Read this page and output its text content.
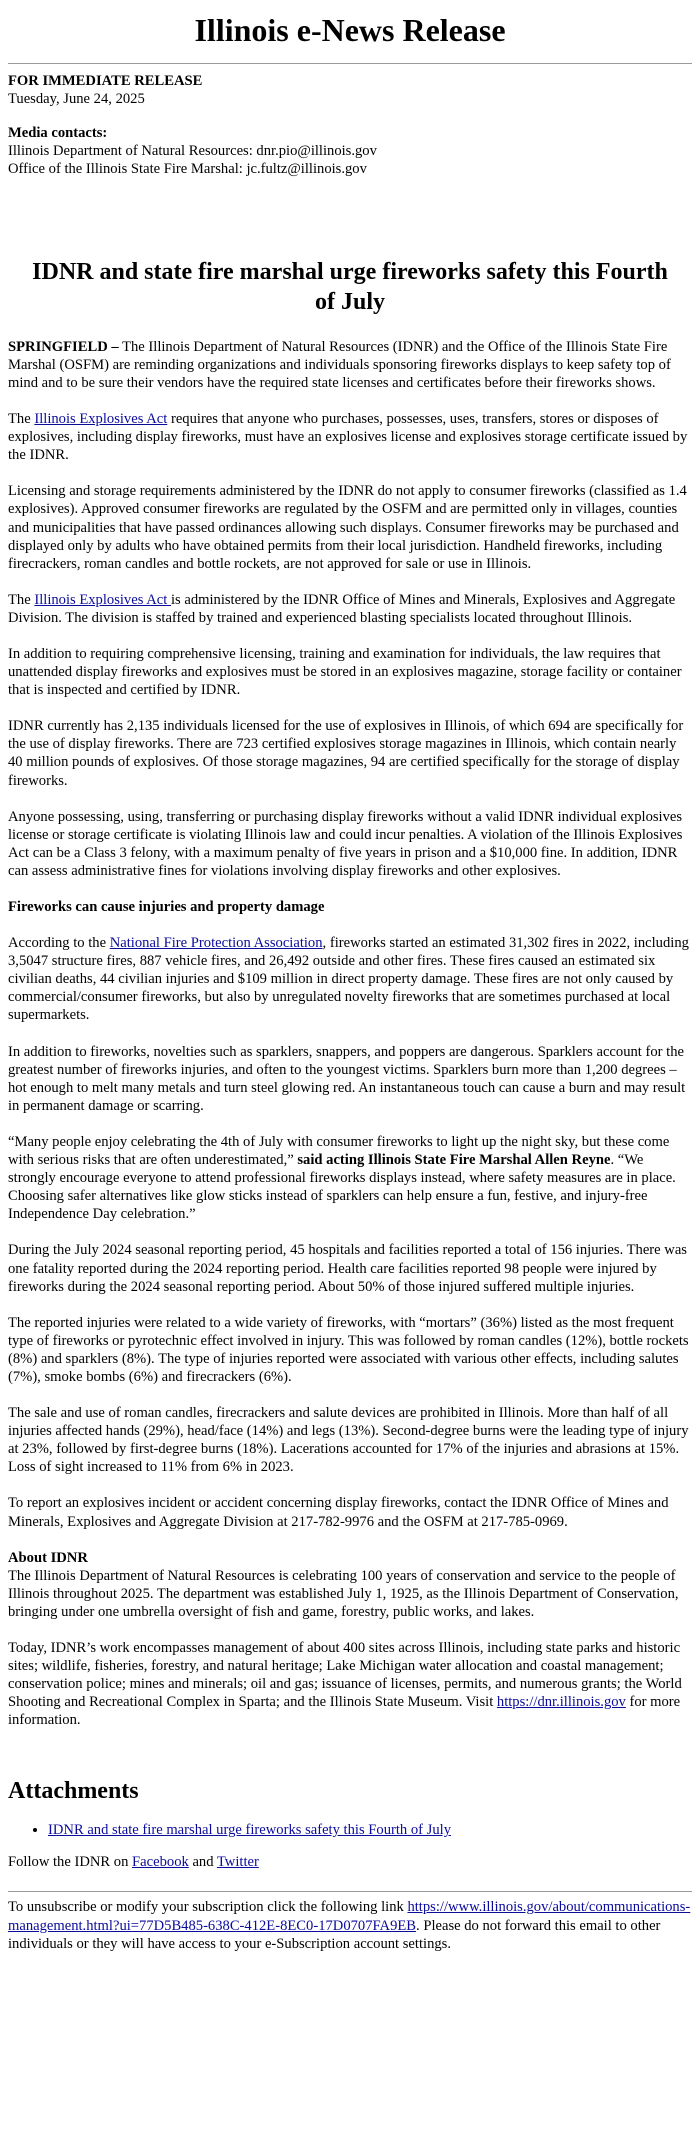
Illinois e-News Release

FOR IMMEDIATE RELEASE

Tuesday, June 24, 2025

Media contacts:

Illinois Department of Natural Resources: dnr.pio@illinois.gov

Office of the Illinois State Fire Marshal: jc.fultz@illinois.gov

IDNR and state fire marshal urge fireworks safety this Fourth of July

SPRINGFIELD – The Illinois Department of Natural Resources (IDNR) and the Office of the Illinois State Fire Marshal (OSFM) are reminding organizations and individuals sponsoring fireworks displays to keep safety top of mind and to be sure their vendors have the required state licenses and certificates before their fireworks shows.

The Illinois Explosives Act requires that anyone who purchases, possesses, uses, transfers, stores or disposes of explosives, including display fireworks, must have an explosives license and explosives storage certificate issued by the IDNR.

Licensing and storage requirements administered by the IDNR do not apply to consumer fireworks (classified as 1.4 explosives). Approved consumer fireworks are regulated by the OSFM and are permitted only in villages, counties and municipalities that have passed ordinances allowing such displays. Consumer fireworks may be purchased and displayed only by adults who have obtained permits from their local jurisdiction. Handheld fireworks, including firecrackers, roman candles and bottle rockets, are not approved for sale or use in Illinois.

The Illinois Explosives Act is administered by the IDNR Office of Mines and Minerals, Explosives and Aggregate Division. The division is staffed by trained and experienced blasting specialists located throughout Illinois.

In addition to requiring comprehensive licensing, training and examination for individuals, the law requires that unattended display fireworks and explosives must be stored in an explosives magazine, storage facility or container that is inspected and certified by IDNR.

IDNR currently has 2,135 individuals licensed for the use of explosives in Illinois, of which 694 are specifically for the use of display fireworks. There are 723 certified explosives storage magazines in Illinois, which contain nearly 40 million pounds of explosives. Of those storage magazines, 94 are certified specifically for the storage of display fireworks.

Anyone possessing, using, transferring or purchasing display fireworks without a valid IDNR individual explosives license or storage certificate is violating Illinois law and could incur penalties. A violation of the Illinois Explosives Act can be a Class 3 felony, with a maximum penalty of five years in prison and a $10,000 fine. In addition, IDNR can assess administrative fines for violations involving display fireworks and other explosives.

Fireworks can cause injuries and property damage

According to the National Fire Protection Association, fireworks started an estimated 31,302 fires in 2022, including 3,5047 structure fires, 887 vehicle fires, and 26,492 outside and other fires. These fires caused an estimated six civilian deaths, 44 civilian injuries and $109 million in direct property damage. These fires are not only caused by commercial/consumer fireworks, but also by unregulated novelty fireworks that are sometimes purchased at local supermarkets.

In addition to fireworks, novelties such as sparklers, snappers, and poppers are dangerous. Sparklers account for the greatest number of fireworks injuries, and often to the youngest victims. Sparklers burn more than 1,200 degrees – hot enough to melt many metals and turn steel glowing red. An instantaneous touch can cause a burn and may result in permanent damage or scarring.

“Many people enjoy celebrating the 4th of July with consumer fireworks to light up the night sky, but these come with serious risks that are often underestimated,” said acting Illinois State Fire Marshal Allen Reyne. “We strongly encourage everyone to attend professional fireworks displays instead, where safety measures are in place. Choosing safer alternatives like glow sticks instead of sparklers can help ensure a fun, festive, and injury-free Independence Day celebration.”

During the July 2024 seasonal reporting period, 45 hospitals and facilities reported a total of 156 injuries. There was one fatality reported during the 2024 reporting period. Health care facilities reported 98 people were injured by fireworks during the 2024 seasonal reporting period. About 50% of those injured suffered multiple injuries.

The reported injuries were related to a wide variety of fireworks, with “mortars” (36%) listed as the most frequent type of fireworks or pyrotechnic effect involved in injury. This was followed by roman candles (12%), bottle rockets (8%) and sparklers (8%). The type of injuries reported were associated with various other effects, including salutes (7%), smoke bombs (6%) and firecrackers (6%).

The sale and use of roman candles, firecrackers and salute devices are prohibited in Illinois. More than half of all injuries affected hands (29%), head/face (14%) and legs (13%). Second-degree burns were the leading type of injury at 23%, followed by first-degree burns (18%). Lacerations accounted for 17% of the injuries and abrasions at 15%. Loss of sight increased to 11% from 6% in 2023.

To report an explosives incident or accident concerning display fireworks, contact the IDNR Office of Mines and Minerals, Explosives and Aggregate Division at 217-782-9976 and the OSFM at 217-785-0969.

About IDNR
The Illinois Department of Natural Resources is celebrating 100 years of conservation and service to the people of Illinois throughout 2025. The department was established July 1, 1925, as the Illinois Department of Conservation, bringing under one umbrella oversight of fish and game, forestry, public works, and lakes.

Today, IDNR’s work encompasses management of about 400 sites across Illinois, including state parks and historic sites; wildlife, fisheries, forestry, and natural heritage; Lake Michigan water allocation and coastal management; conservation police; mines and minerals; oil and gas; issuance of licenses, permits, and numerous grants; the World Shooting and Recreational Complex in Sparta; and the Illinois State Museum. Visit https://dnr.illinois.gov for more information.

Attachments
• IDNR and state fire marshal urge fireworks safety this Fourth of July

Follow the IDNR on Facebook and Twitter

To unsubscribe or modify your subscription click the following link https://www.illinois.gov/about/communications-management.html?ui=77D5B485-638C-412E-8EC0-17D0707FA9EB. Please do not forward this email to other individuals or they will have access to your e-Subscription account settings.
